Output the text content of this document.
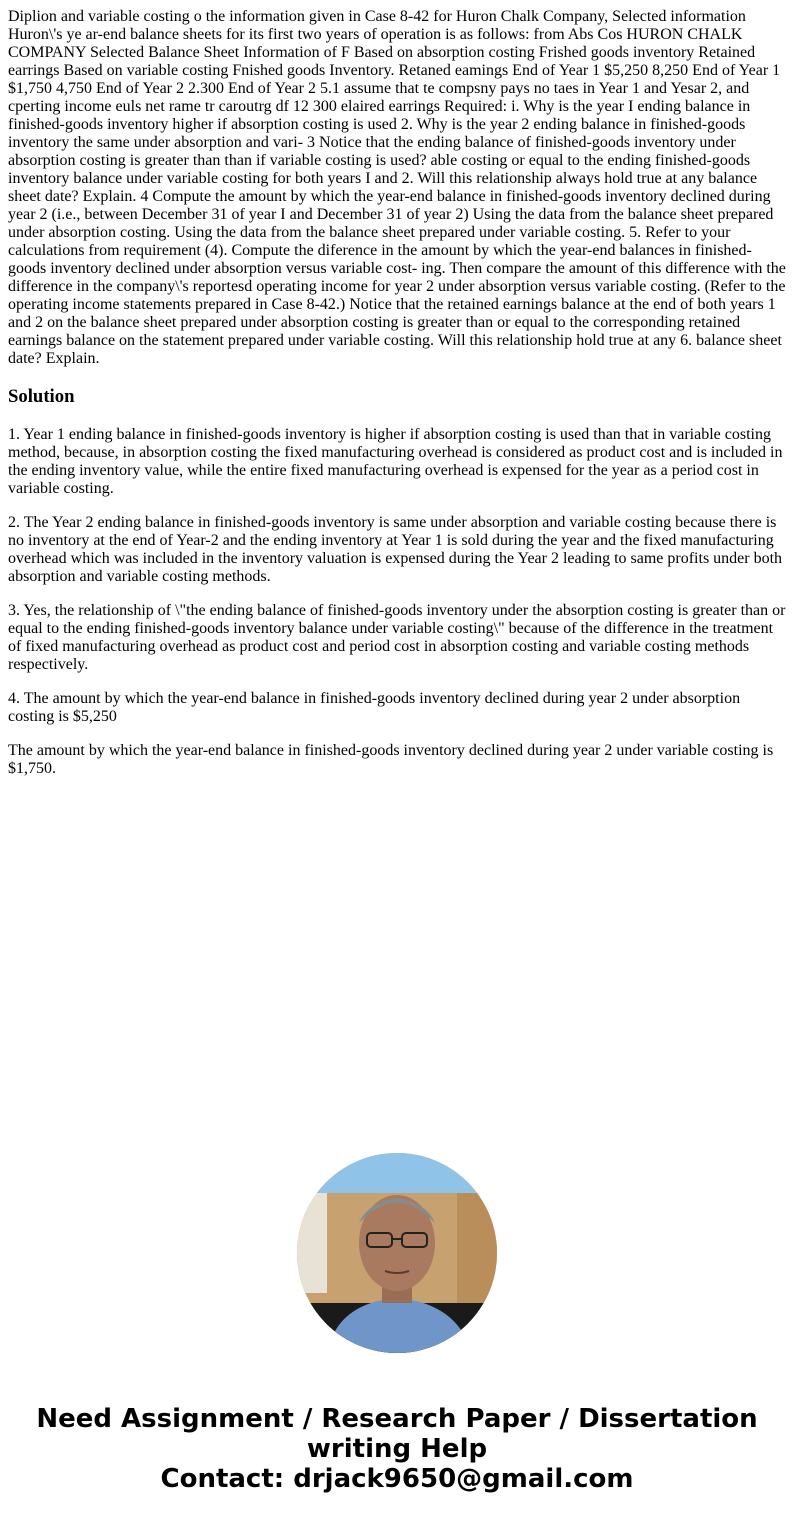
Diplion and variable costing o the information given in Case 8-42 for Huron Chalk Company, Selected information Huron\'s ye ar-end balance sheets for its first two years of operation is as follows: from Abs Cos HURON CHALK COMPANY Selected Balance Sheet Information of F Based on absorption costing Frished goods inventory Retained earrings Based on variable costing Fnished goods Inventory. Retaned eamings End of Year 1 $5,250 8,250 End of Year 1 $1,750 4,750 End of Year 2 2.300 End of Year 2 5.1 assume that te compsny pays no taes in Year 1 and Yesar 2, and cperting income euls net rame tr caroutrg df 12 300 elaired earrings Required: i. Why is the year I ending balance in finished-goods inventory higher if absorption costing is used 2. Why is the year 2 ending balance in finished-goods inventory the same under absorption and vari- 3 Notice that the ending balance of finished-goods inventory under absorption costing is greater than than if variable costing is used? able costing or equal to the ending finished-goods inventory balance under variable costing for both years I and 2. Will this relationship always hold true at any balance sheet date? Explain. 4 Compute the amount by which the year-end balance in finished-goods inventory declined during year 2 (i.e., between December 31 of year I and December 31 of year 2) Using the data from the balance sheet prepared under absorption costing. Using the data from the balance sheet prepared under variable costing. 5. Refer to your calculations from requirement (4). Compute the diference in the amount by which the year-end balances in finished-goods inventory declined under absorption versus variable cost- ing. Then compare the amount of this difference with the difference in the company\'s reportesd operating income for year 2 under absorption versus variable costing. (Refer to the operating income statements prepared in Case 8-42.) Notice that the retained earnings balance at the end of both years 1 and 2 on the balance sheet prepared under absorption costing is greater than or equal to the corresponding retained earnings balance on the statement prepared under variable costing. Will this relationship hold true at any 6. balance sheet date? Explain.

Solution

1. Year 1 ending balance in finished-goods inventory is higher if absorption costing is used than that in variable costing method, because, in absorption costing the fixed manufacturing overhead is considered as product cost and is included in the ending inventory value, while the entire fixed manufacturing overhead is expensed for the year as a period cost in variable costing.

2. The Year 2 ending balance in finished-goods inventory is same under absorption and variable costing because there is no inventory at the end of Year-2 and the ending inventory at Year 1 is sold during the year and the fixed manufacturing overhead which was included in the inventory valuation is expensed during the Year 2 leading to same profits under both absorption and variable costing methods.

3. Yes, the relationship of \"the ending balance of finished-goods inventory under the absorption costing is greater than or equal to the ending finished-goods inventory balance under variable costing\" because of the difference in the treatment of fixed manufacturing overhead as product cost and period cost in absorption costing and variable costing methods respectively.

4. The amount by which the year-end balance in finished-goods inventory declined during year 2 under absorption costing is $5,250

The amount by which the year-end balance in finished-goods inventory declined during year 2 under variable costing is $1,750.

Need Assignment / Research Paper / Dissertation writing Help
Contact: drjack9650@gmail.com
